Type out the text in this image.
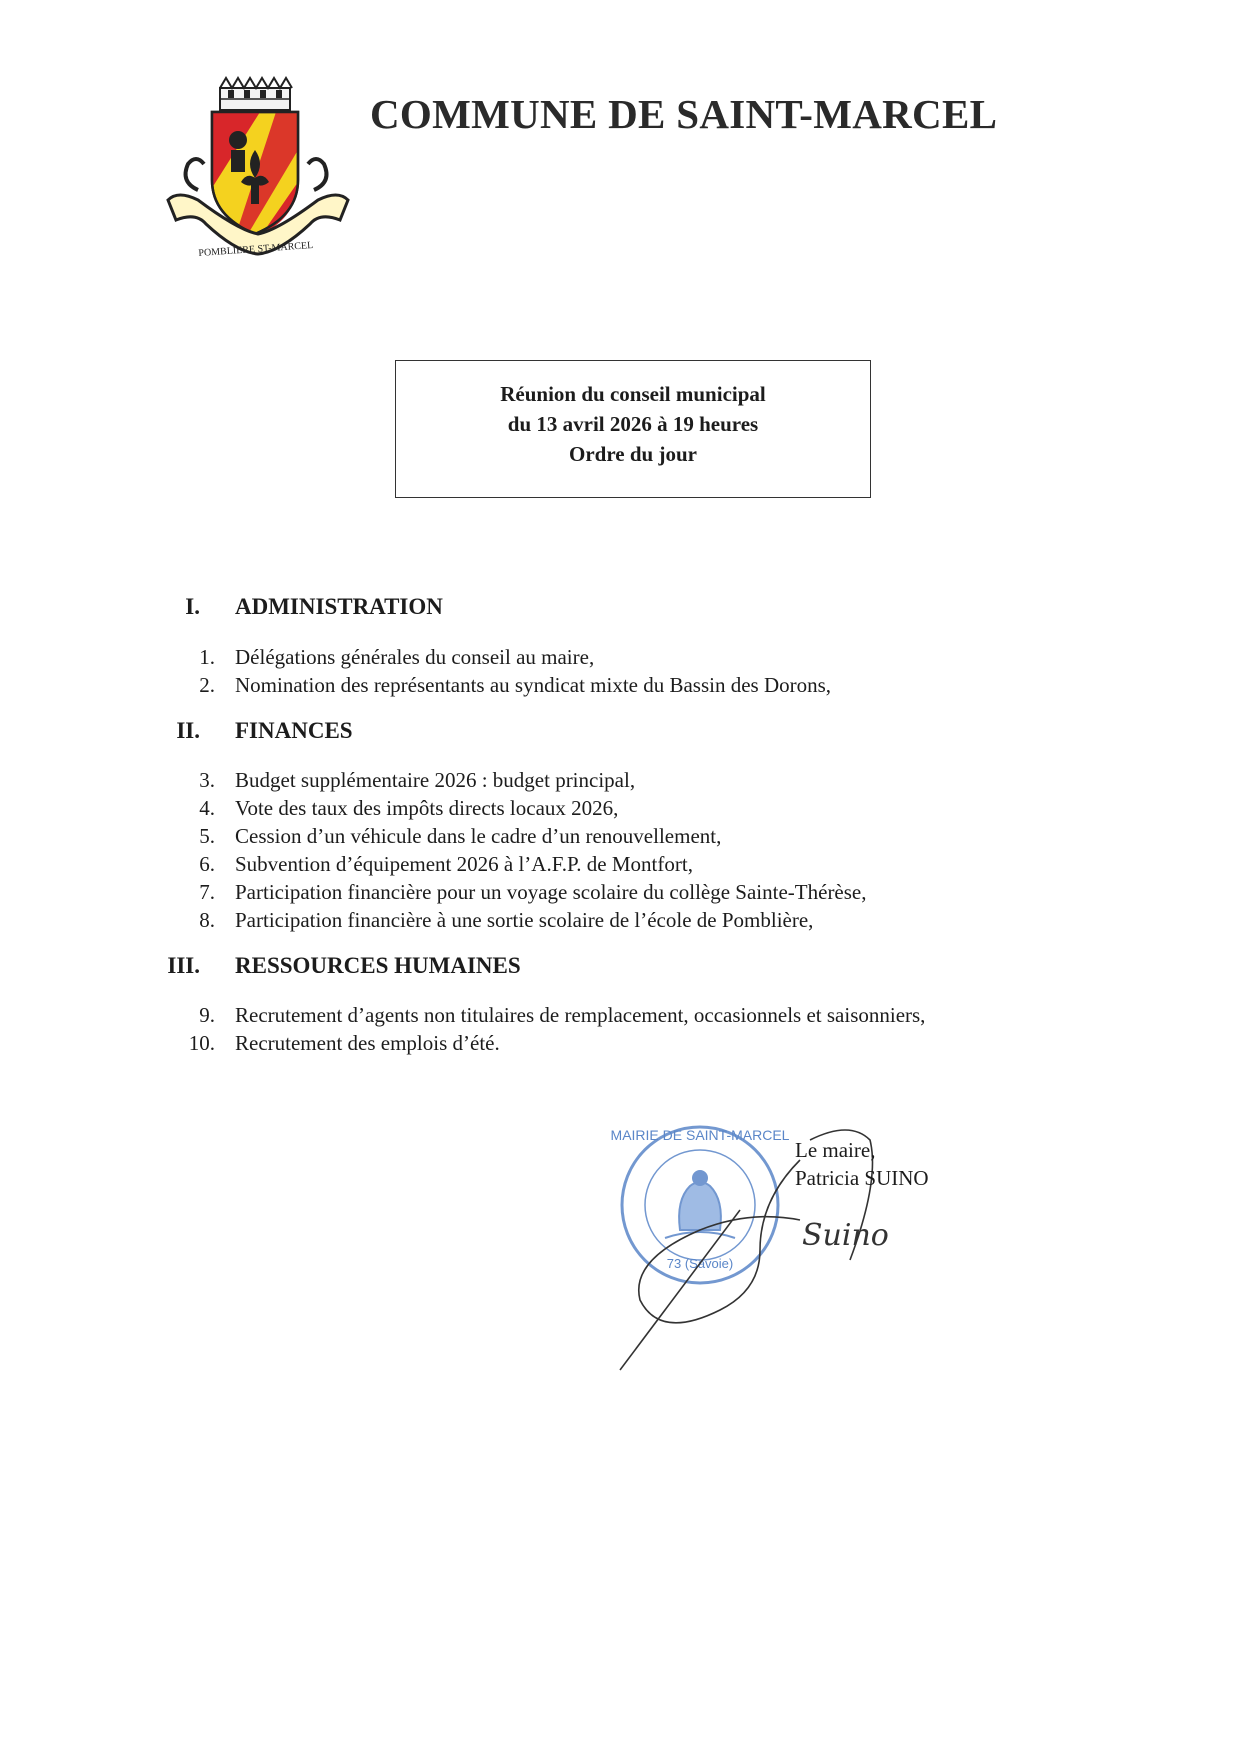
POMBLIERE ST-MARCEL
COMMUNE DE SAINT-MARCEL
Réunion du conseil municipal
du 13 avril 2026 à 19 heures
Ordre du jour
I. ADMINISTRATION
1. Délégations générales du conseil au maire,
2. Nomination des représentants au syndicat mixte du Bassin des Dorons,
II. FINANCES
3. Budget supplémentaire 2026 : budget principal,
4. Vote des taux des impôts directs locaux 2026,
5. Cession d’un véhicule dans le cadre d’un renouvellement,
6. Subvention d’équipement 2026 à l’A.F.P. de Montfort,
7. Participation financière pour un voyage scolaire du collège Sainte-Thérèse,
8. Participation financière à une sortie scolaire de l’école de Pomblière,
III. RESSOURCES HUMAINES
9. Recrutement d’agents non titulaires de remplacement, occasionnels et saisonniers,
10. Recrutement des emplois d’été.
MAIRIE DE SAINT-MARCEL
73 (Savoie)
Suino
Le maire,
Patricia SUINO
